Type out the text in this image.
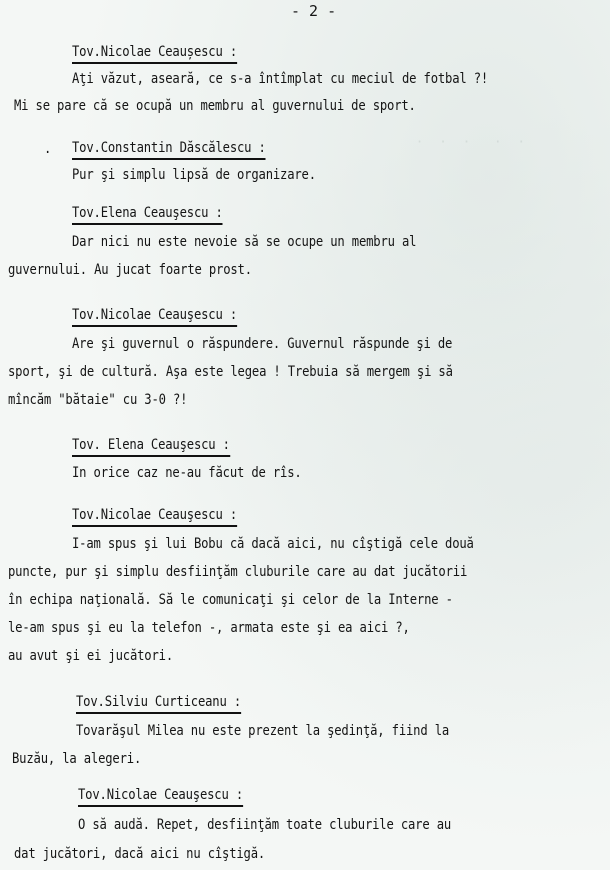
·  ·  ·   ·  ·
- 2 -
Tov.Nicolae Ceaușescu :
Aţi văzut, aseară, ce s-a întîmplat cu meciul de fotbal ?!
Mi se pare că se ocupă un membru al guvernului de sport.
. Tov.Constantin Dăscălescu :
Pur şi simplu lipsă de organizare.
Tov.Elena Ceauşescu :
Dar nici nu este nevoie să se ocupe un membru al
guvernului. Au jucat foarte prost.
Tov.Nicolae Ceauşescu :
Are şi guvernul o răspundere. Guvernul răspunde şi de
sport, şi de cultură. Aşa este legea ! Trebuia să mergem şi să
mîncăm "bătaie" cu 3-0 ?!
Tov. Elena Ceauşescu :
In orice caz ne-au făcut de rîs.
Tov.Nicolae Ceauşescu :
I-am spus şi lui Bobu că dacă aici, nu cîştigă cele două
puncte, pur şi simplu desfiinţăm cluburile care au dat jucătorii
în echipa naţională. Să le comunicaţi şi celor de la Interne -
le-am spus şi eu la telefon -, armata este şi ea aici ?,
au avut şi ei jucători.
Tov.Silviu Curticeanu :
Tovarăşul Milea nu este prezent la şedinţă, fiind la
Buzău, la alegeri.
Tov.Nicolae Ceauşescu :
O să audă. Repet, desfiinţăm toate cluburile care au
dat jucători, dacă aici nu cîştigă.
